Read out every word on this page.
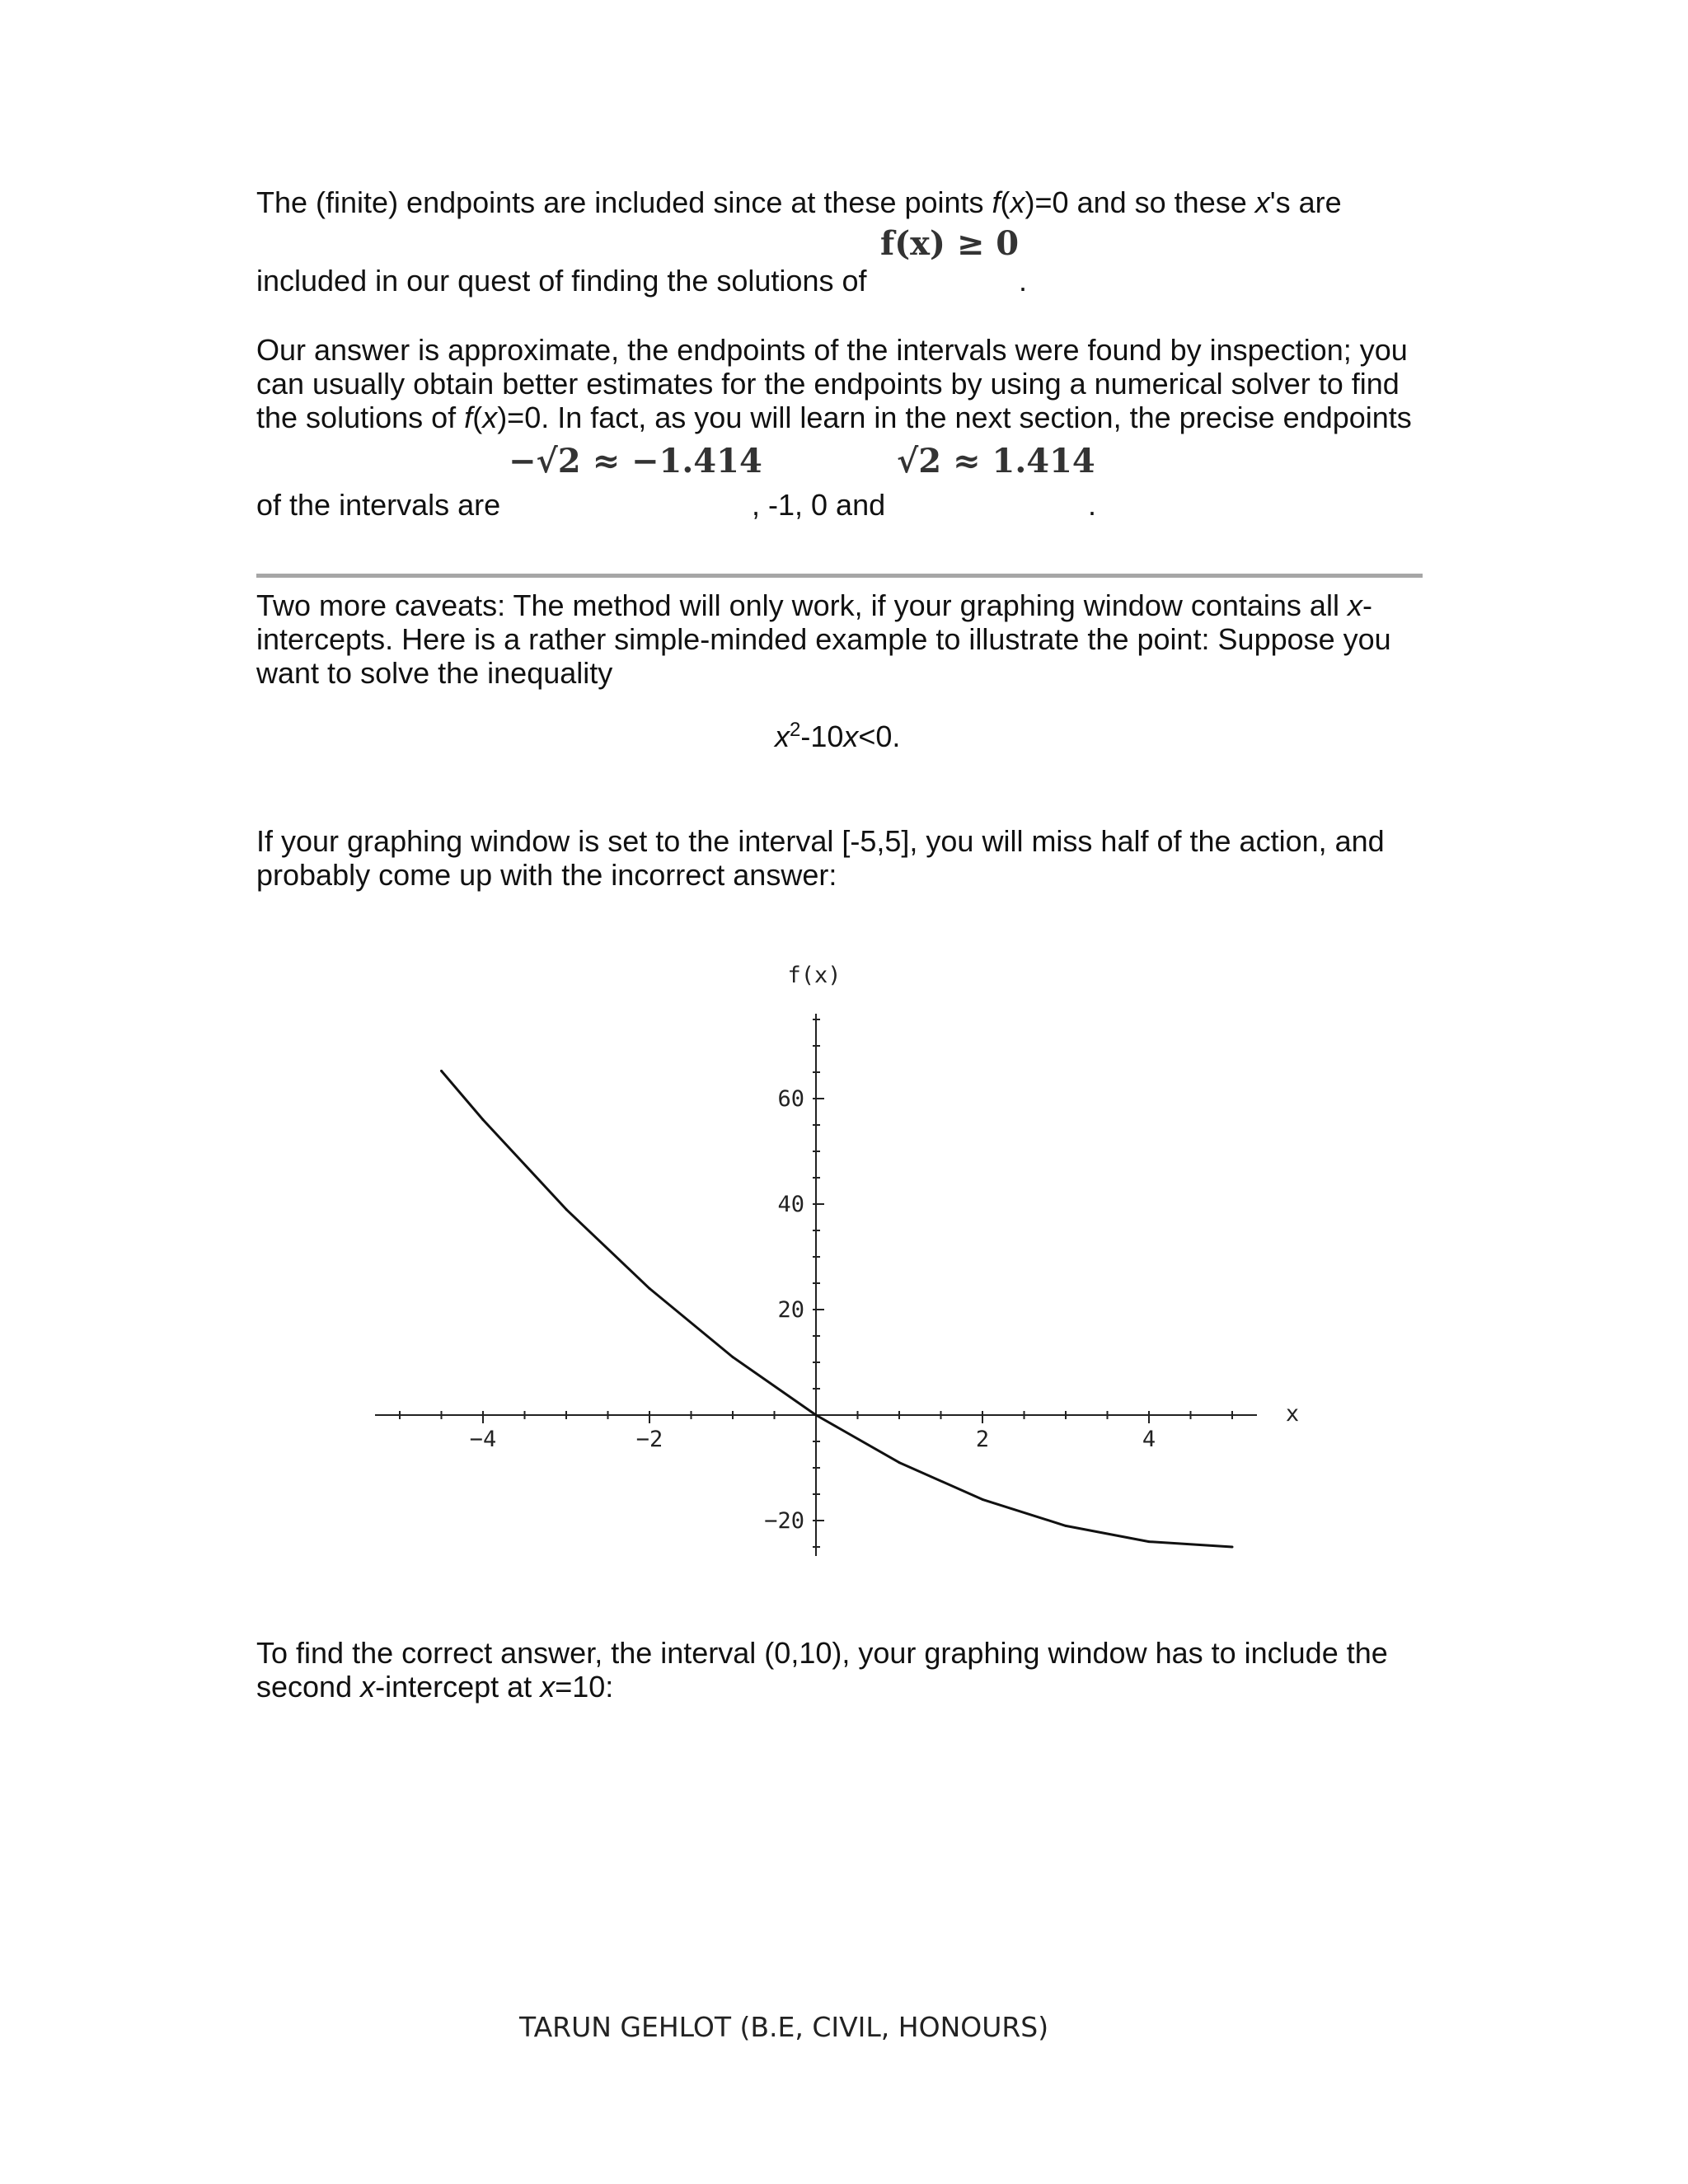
The (finite) endpoints are included since at these points f(x)=0 and so these x's are
f(x) ≥ 0
included in our quest of finding the solutions of	.
Our answer is approximate, the endpoints of the intervals were found by inspection; you
can usually obtain better estimates for the endpoints by using a numerical solver to find
the solutions of f(x)=0. In fact, as you will learn in the next section, the precise endpoints
−√2 ≈ −1.414	√2 ≈ 1.414
of the intervals are	, -1, 0 and	.
Two more caveats: The method will only work, if your graphing window contains all x-
intercepts. Here is a rather simple-minded example to illustrate the point: Suppose you
want to solve the inequality
$x^2-10x<0$.
If your graphing window is set to the interval [-5,5], you will miss half of the action, and
probably come up with the incorrect answer:
−4	−2	2	4
−20
20
40
60
f(x)
x
To find the correct answer, the interval (0,10), your graphing window has to include the
second x-intercept at x=10:
TARUN GEHLOT (B.E, CIVIL, HONOURS)
